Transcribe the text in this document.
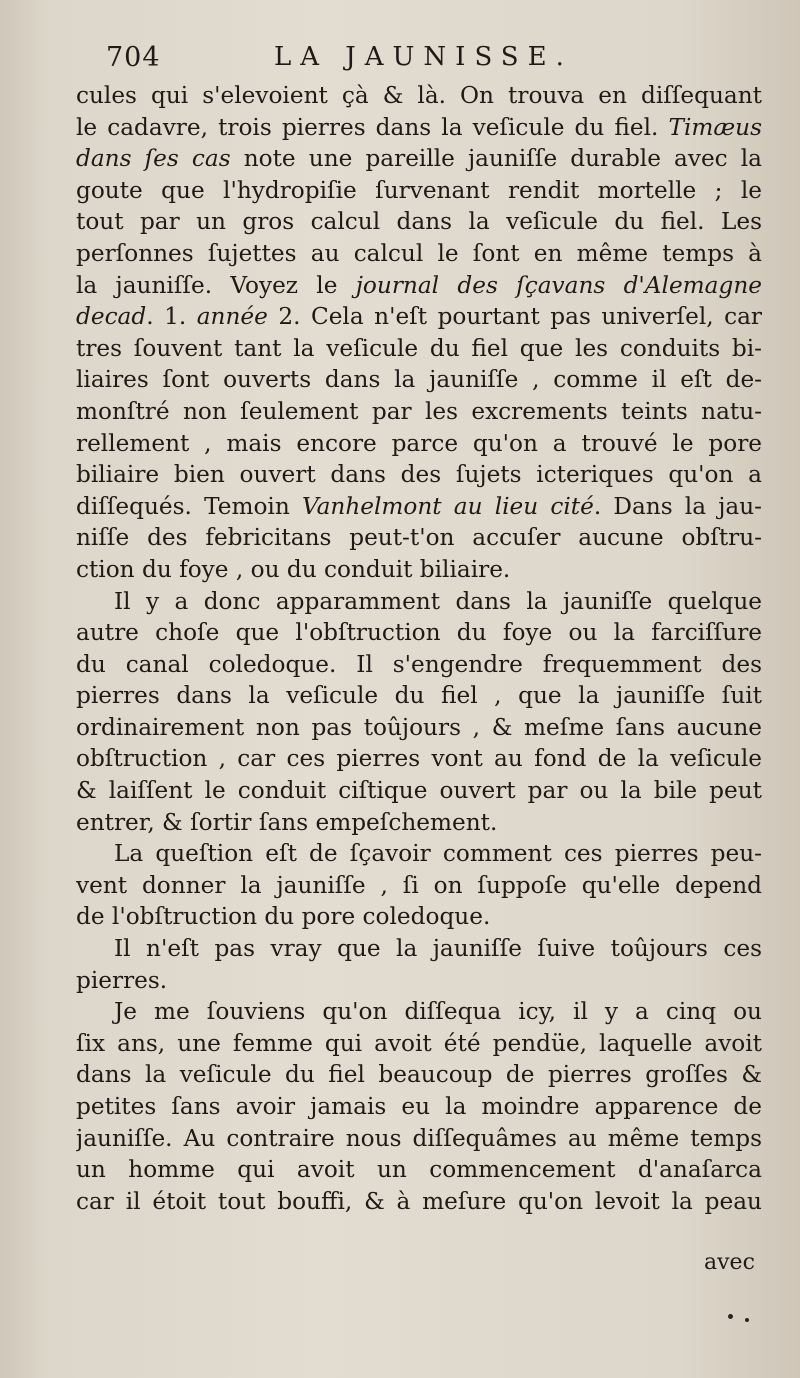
704	LA JAUNISSE.
cules qui s'elevoient çà & là. On trouva en diſſequant
le cadavre, trois pierres dans la veſicule du fiel. Timæus
dans ſes cas note une pareille jauniſſe durable avec la
goute que l'hydropiſie ſurvenant rendit mortelle ; le
tout par un gros calcul dans la veſicule du fiel. Les
perſonnes ſujettes au calcul le ſont en même temps à
la jauniſſe. Voyez le journal des ſçavans d'Alemagne
decad. 1. année 2. Cela n'eſt pourtant pas univerſel, car
tres ſouvent tant la veſicule du fiel que les conduits bi-
liaires ſont ouverts dans la jauniſſe , comme il eſt de-
monſtré non ſeulement par les excrements teints natu-
rellement , mais encore parce qu'on a trouvé le pore
biliaire bien ouvert dans des ſujets icteriques qu'on a
diſſequés. Temoin Vanhelmont au lieu cité. Dans la jau-
niſſe des febricitans peut-t'on accuſer aucune obſtru-
ction du foye , ou du conduit biliaire.
Il y a donc apparamment dans la jauniſſe quelque
autre choſe que l'obſtruction du foye ou la farciſſure
du canal coledoque. Il s'engendre frequemment des
pierres dans la veſicule du fiel , que la jauniſſe ſuit
ordinairement non pas toûjours , & meſme ſans aucune
obſtruction , car ces pierres vont au fond de la veſicule
& laiſſent le conduit ciſtique ouvert par ou la bile peut
entrer, & ſortir ſans empeſchement.
La queſtion eſt de ſçavoir comment ces pierres peu-
vent donner la jauniſſe , ſi on ſuppoſe qu'elle depend
de l'obſtruction du pore coledoque.
Il n'eſt pas vray que la jauniſſe ſuive toûjours ces
pierres.
Je me ſouviens qu'on diſſequa icy, il y a cinq ou
ſix ans, une femme qui avoit été pendüe, laquelle avoit
dans la veſicule du fiel beaucoup de pierres groſſes &
petites ſans avoir jamais eu la moindre apparence de
jauniſſe. Au contraire nous diſſequâmes au même temps
un homme qui avoit un commencement d'anaſarca
car il étoit tout bouffi, & à meſure qu'on levoit la peau
avec
